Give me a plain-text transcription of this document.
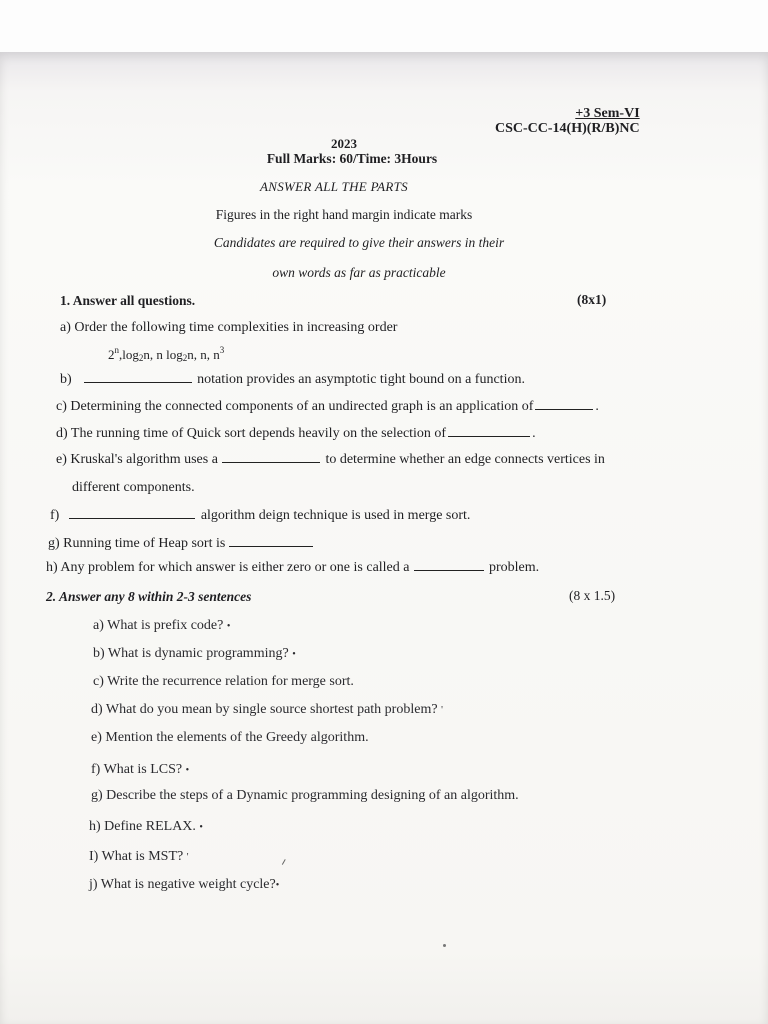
+3 Sem-VI
CSC-CC-14(H)(R/B)NC
2023
Full Marks: 60/Time: 3Hours
ANSWER ALL THE PARTS
Figures in the right hand margin indicate marks
Candidates are required to give their answers in their
own words as far as practicable
1. Answer all questions.	(8x1)
a) Order the following time complexities in increasing order
2$^n$,log2n, n log2n, n, $n^3$
b)	notation provides an asymptotic tight bound on a function.
c) Determining the connected components of an undirected graph is an application of	.
d) The running time of Quick sort depends heavily on the selection of	.
e) Kruskal's algorithm uses a	to determine whether an edge connects vertices in
different components.
f)	algorithm deign technique is used in merge sort.
g) Running time of Heap sort is
h) Any problem for which answer is either zero or one is called a	problem.
2. Answer any 8 within 2-3 sentences	(8 x 1.5)
a) What is prefix code? •
b) What is dynamic programming? •
c) Write the recurrence relation for merge sort.
d) What do you mean by single source shortest path problem? '
e) Mention the elements of the Greedy algorithm.
f) What is LCS? •
g) Describe the steps of a Dynamic programming designing of an algorithm.
h) Define RELAX. •
I) What is MST? '
j) What is negative weight cycle?•
